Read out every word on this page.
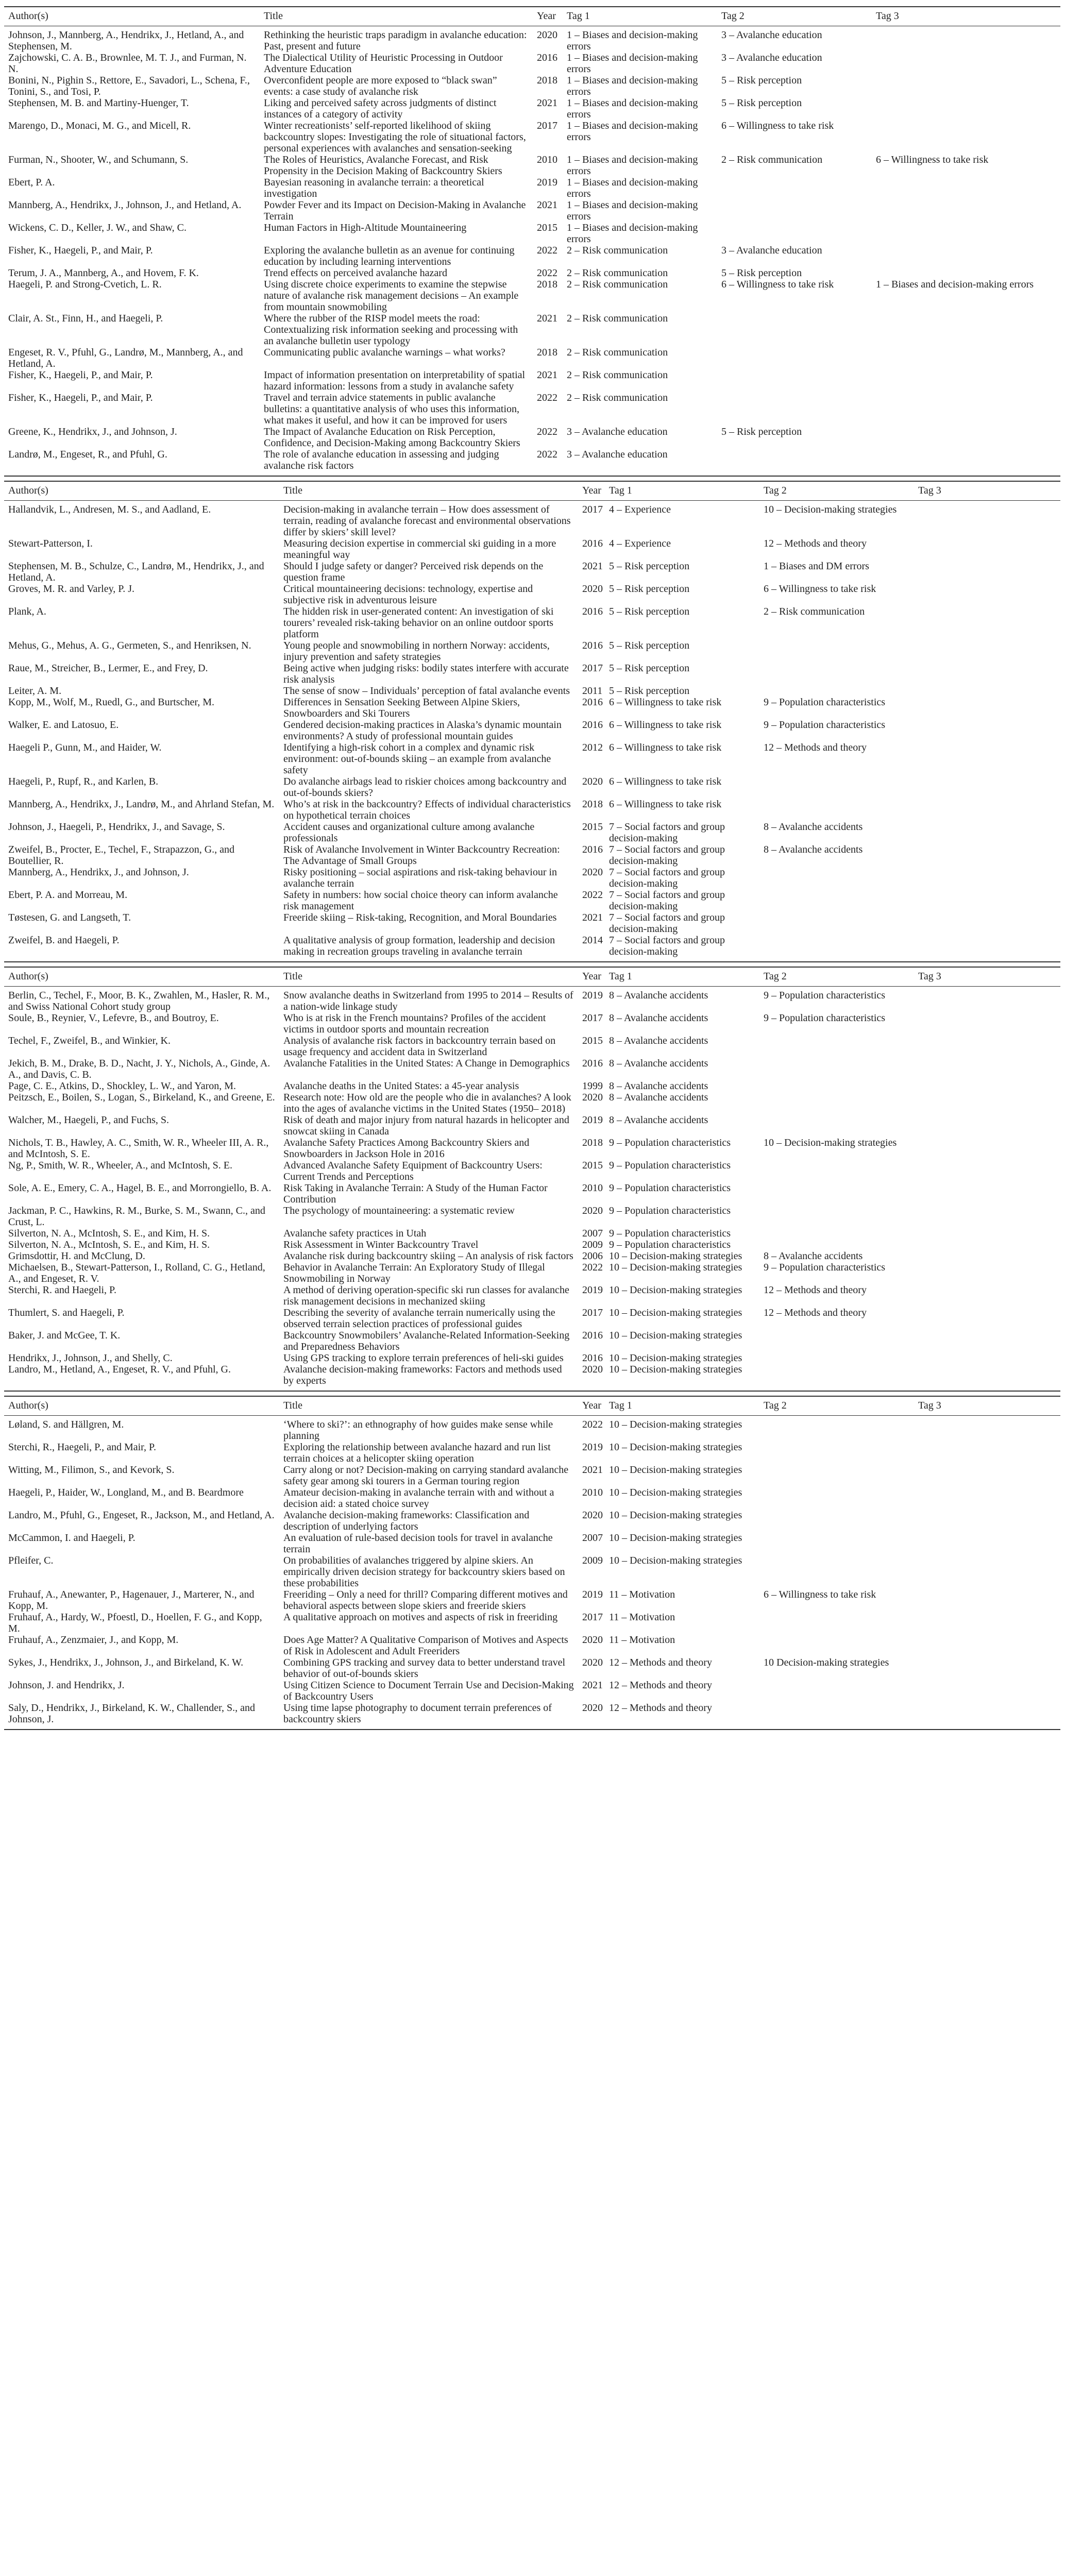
Author(s)	Title	Year	Tag 1	Tag 2	Tag 3
Johnson, J., Mannberg, A., Hendrikx, J., Hetland, A., and Stephensen, M.	Rethinking the heuristic traps paradigm in avalanche education: Past, present and future	2020	1 – Biases and decision-making errors	3 – Avalanche education	
Zajchowski, C. A. B., Brownlee, M. T. J., and Furman, N. N.	The Dialectical Utility of Heuristic Processing in Outdoor Adventure Education	2016	1 – Biases and decision-making errors	3 – Avalanche education	
Bonini, N., Pighin S., Rettore, E., Savadori, L., Schena, F., Tonini, S., and Tosi, P.	Overconfident people are more exposed to “black swan” events: a case study of avalanche risk	2018	1 – Biases and decision-making errors	5 – Risk perception	
Stephensen, M. B. and Martiny-Huenger, T.	Liking and perceived safety across judgments of distinct instances of a category of activity	2021	1 – Biases and decision-making errors	5 – Risk perception	
Marengo, D., Monaci, M. G., and Micell, R.	Winter recreationists’ self-reported likelihood of skiing backcountry slopes: Investigating the role of situational factors, personal experiences with avalanches and sensation-seeking	2017	1 – Biases and decision-making errors	6 – Willingness to take risk	
Furman, N., Shooter, W., and Schumann, S.	The Roles of Heuristics, Avalanche Forecast, and Risk Propensity in the Decision Making of Backcountry Skiers	2010	1 – Biases and decision-making errors	2 – Risk communication	6 – Willingness to take risk
Ebert, P. A.	Bayesian reasoning in avalanche terrain: a theoretical investigation	2019	1 – Biases and decision-making errors		
Mannberg, A., Hendrikx, J., Johnson, J., and Hetland, A.	Powder Fever and its Impact on Decision-Making in Avalanche Terrain	2021	1 – Biases and decision-making errors		
Wickens, C. D., Keller, J. W., and Shaw, C.	Human Factors in High-Altitude Mountaineering	2015	1 – Biases and decision-making errors		
Fisher, K., Haegeli, P., and Mair, P.	Exploring the avalanche bulletin as an avenue for continuing education by including learning interventions	2022	2 – Risk communication	3 – Avalanche education	
Terum, J. A., Mannberg, A., and Hovem, F. K.	Trend effects on perceived avalanche hazard	2022	2 – Risk communication	5 – Risk perception	
Haegeli, P. and Strong-Cvetich, L. R.	Using discrete choice experiments to examine the stepwise nature of avalanche risk management decisions – An example from mountain snowmobiling	2018	2 – Risk communication	6 – Willingness to take risk	1 – Biases and decision-making errors
Clair, A. St., Finn, H., and Haegeli, P.	Where the rubber of the RISP model meets the road: Contextualizing risk information seeking and processing with an avalanche bulletin user typology	2021	2 – Risk communication		
Engeset, R. V., Pfuhl, G., Landrø, M., Mannberg, A., and Hetland, A.	Communicating public avalanche warnings – what works?	2018	2 – Risk communication		
Fisher, K., Haegeli, P., and Mair, P.	Impact of information presentation on interpretability of spatial hazard information: lessons from a study in avalanche safety	2021	2 – Risk communication		
Fisher, K., Haegeli, P., and Mair, P.	Travel and terrain advice statements in public avalanche bulletins: a quantitative analysis of who uses this information, what makes it useful, and how it can be improved for users	2022	2 – Risk communication		
Greene, K., Hendrikx, J., and Johnson, J.	The Impact of Avalanche Education on Risk Perception, Confidence, and Decision-Making among Backcountry Skiers	2022	3 – Avalanche education	5 – Risk perception	
Landrø, M., Engeset, R., and Pfuhl, G.	The role of avalanche education in assessing and judging avalanche risk factors	2022	3 – Avalanche education		
Author(s)	Title	Year	Tag 1	Tag 2	Tag 3
Hallandvik, L., Andresen, M. S., and Aadland, E.	Decision-making in avalanche terrain – How does assessment of terrain, reading of avalanche forecast and environmental observations differ by skiers’ skill level?	2017	4 – Experience	10 – Decision-making strategies	
Stewart-Patterson, I.	Measuring decision expertise in commercial ski guiding in a more meaningful way	2016	4 – Experience	12 – Methods and theory	
Stephensen, M. B., Schulze, C., Landrø, M., Hendrikx, J., and Hetland, A.	Should I judge safety or danger? Perceived risk depends on the question frame	2021	5 – Risk perception	1 – Biases and DM errors	
Groves, M. R. and Varley, P. J.	Critical mountaineering decisions: technology, expertise and subjective risk in adventurous leisure	2020	5 – Risk perception	6 – Willingness to take risk	
Plank, A.	The hidden risk in user-generated content: An investigation of ski tourers’ revealed risk-taking behavior on an online outdoor sports platform	2016	5 – Risk perception	2 – Risk communication	
Mehus, G., Mehus, A. G., Germeten, S., and Henriksen, N.	Young people and snowmobiling in northern Norway: accidents, injury prevention and safety strategies	2016	5 – Risk perception		
Raue, M., Streicher, B., Lermer, E., and Frey, D.	Being active when judging risks: bodily states interfere with accurate risk analysis	2017	5 – Risk perception		
Leiter, A. M.	The sense of snow – Individuals’ perception of fatal avalanche events	2011	5 – Risk perception		
Kopp, M., Wolf, M., Ruedl, G., and Burtscher, M.	Differences in Sensation Seeking Between Alpine Skiers, Snowboarders and Ski Tourers	2016	6 – Willingness to take risk	9 – Population characteristics	
Walker, E. and Latosuo, E.	Gendered decision-making practices in Alaska’s dynamic mountain environments? A study of professional mountain guides	2016	6 – Willingness to take risk	9 – Population characteristics	
Haegeli P., Gunn, M., and Haider, W.	Identifying a high-risk cohort in a complex and dynamic risk environment: out-of-bounds skiing – an example from avalanche safety	2012	6 – Willingness to take risk	12 – Methods and theory	
Haegeli, P., Rupf, R., and Karlen, B.	Do avalanche airbags lead to riskier choices among backcountry and out-of-bounds skiers?	2020	6 – Willingness to take risk		
Mannberg, A., Hendrikx, J., Landrø, M., and Ahrland Stefan, M.	Who’s at risk in the backcountry? Effects of individual characteristics on hypothetical terrain choices	2018	6 – Willingness to take risk		
Johnson, J., Haegeli, P., Hendrikx, J., and Savage, S.	Accident causes and organizational culture among avalanche professionals	2015	7 – Social factors and group decision-making	8 – Avalanche accidents	
Zweifel, B., Procter, E., Techel, F., Strapazzon, G., and Boutellier, R.	Risk of Avalanche Involvement in Winter Backcountry Recreation: The Advantage of Small Groups	2016	7 – Social factors and group decision-making	8 – Avalanche accidents	
Mannberg, A., Hendrikx, J., and Johnson, J.	Risky positioning – social aspirations and risk-taking behaviour in avalanche terrain	2020	7 – Social factors and group decision-making		
Ebert, P. A. and Morreau, M.	Safety in numbers: how social choice theory can inform avalanche risk management	2022	7 – Social factors and group decision-making		
Tøstesen, G. and Langseth, T.	Freeride skiing – Risk-taking, Recognition, and Moral Boundaries	2021	7 – Social factors and group decision-making		
Zweifel, B. and Haegeli, P.	A qualitative analysis of group formation, leadership and decision making in recreation groups traveling in avalanche terrain	2014	7 – Social factors and group decision-making		
Author(s)	Title	Year	Tag 1	Tag 2	Tag 3
Berlin, C., Techel, F., Moor, B. K., Zwahlen, M., Hasler, R. M., and Swiss National Cohort study group	Snow avalanche deaths in Switzerland from 1995 to 2014 – Results of a nation-wide linkage study	2019	8 – Avalanche accidents	9 – Population characteristics	
Soule, B., Reynier, V., Lefevre, B., and Boutroy, E.	Who is at risk in the French mountains? Profiles of the accident victims in outdoor sports and mountain recreation	2017	8 – Avalanche accidents	9 – Population characteristics	
Techel, F., Zweifel, B., and Winkier, K.	Analysis of avalanche risk factors in backcountry terrain based on usage frequency and accident data in Switzerland	2015	8 – Avalanche accidents		
Jekich, B. M., Drake, B. D., Nacht, J. Y., Nichols, A., Ginde, A. A., and Davis, C. B.	Avalanche Fatalities in the United States: A Change in Demographics	2016	8 – Avalanche accidents		
Page, C. E., Atkins, D., Shockley, L. W., and Yaron, M.	Avalanche deaths in the United States: a 45-year analysis	1999	8 – Avalanche accidents		
Peitzsch, E., Boilen, S., Logan, S., Birkeland, K., and Greene, E.	Research note: How old are the people who die in avalanches? A look into the ages of avalanche victims in the United States (1950– 2018)	2020	8 – Avalanche accidents		
Walcher, M., Haegeli, P., and Fuchs, S.	Risk of death and major injury from natural hazards in helicopter and snowcat skiing in Canada	2019	8 – Avalanche accidents		
Nichols, T. B., Hawley, A. C., Smith, W. R., Wheeler III, A. R., and McIntosh, S. E.	Avalanche Safety Practices Among Backcountry Skiers and Snowboarders in Jackson Hole in 2016	2018	9 – Population characteristics	10 – Decision-making strategies	
Ng, P., Smith, W. R., Wheeler, A., and McIntosh, S. E.	Advanced Avalanche Safety Equipment of Backcountry Users: Current Trends and Perceptions	2015	9 – Population characteristics		
Sole, A. E., Emery, C. A., Hagel, B. E., and Morrongiello, B. A.	Risk Taking in Avalanche Terrain: A Study of the Human Factor Contribution	2010	9 – Population characteristics		
Jackman, P. C., Hawkins, R. M., Burke, S. M., Swann, C., and Crust, L.	The psychology of mountaineering: a systematic review	2020	9 – Population characteristics		
Silverton, N. A., McIntosh, S. E., and Kim, H. S.	Avalanche safety practices in Utah	2007	9 – Population characteristics		
Silverton, N. A., McIntosh, S. E., and Kim, H. S.	Risk Assessment in Winter Backcountry Travel	2009	9 – Population characteristics		
Grimsdottir, H. and McClung, D.	Avalanche risk during backcountry skiing – An analysis of risk factors	2006	10 – Decision-making strategies	8 – Avalanche accidents	
Michaelsen, B., Stewart-Patterson, I., Rolland, C. G., Hetland, A., and Engeset, R. V.	Behavior in Avalanche Terrain: An Exploratory Study of Illegal Snowmobiling in Norway	2022	10 – Decision-making strategies	9 – Population characteristics	
Sterchi, R. and Haegeli, P.	A method of deriving operation-specific ski run classes for avalanche risk management decisions in mechanized skiing	2019	10 – Decision-making strategies	12 – Methods and theory	
Thumlert, S. and Haegeli, P.	Describing the severity of avalanche terrain numerically using the observed terrain selection practices of professional guides	2017	10 – Decision-making strategies	12 – Methods and theory	
Baker, J. and McGee, T. K.	Backcountry Snowmobilers’ Avalanche-Related Information-Seeking and Preparedness Behaviors	2016	10 – Decision-making strategies		
Hendrikx, J., Johnson, J., and Shelly, C.	Using GPS tracking to explore terrain preferences of heli-ski guides	2016	10 – Decision-making strategies		
Landro, M., Hetland, A., Engeset, R. V., and Pfuhl, G.	Avalanche decision-making frameworks: Factors and methods used by experts	2020	10 – Decision-making strategies		
Author(s)	Title	Year	Tag 1	Tag 2	Tag 3
Løland, S. and Hällgren, M.	‘Where to ski?’: an ethnography of how guides make sense while planning	2022	10 – Decision-making strategies		
Sterchi, R., Haegeli, P., and Mair, P.	Exploring the relationship between avalanche hazard and run list terrain choices at a helicopter skiing operation	2019	10 – Decision-making strategies		
Witting, M., Filimon, S., and Kevork, S.	Carry along or not? Decision-making on carrying standard avalanche safety gear among ski tourers in a German touring region	2021	10 – Decision-making strategies		
Haegeli, P., Haider, W., Longland, M., and B. Beardmore	Amateur decision-making in avalanche terrain with and without a decision aid: a stated choice survey	2010	10 – Decision-making strategies		
Landro, M., Pfuhl, G., Engeset, R., Jackson, M., and Hetland, A.	Avalanche decision-making frameworks: Classification and description of underlying factors	2020	10 – Decision-making strategies		
McCammon, I. and Haegeli, P.	An evaluation of rule-based decision tools for travel in avalanche terrain	2007	10 – Decision-making strategies		
Pfleifer, C.	On probabilities of avalanches triggered by alpine skiers. An empirically driven decision strategy for backcountry skiers based on these probabilities	2009	10 – Decision-making strategies		
Fruhauf, A., Anewanter, P., Hagenauer, J., Marterer, N., and Kopp, M.	Freeriding – Only a need for thrill? Comparing different motives and behavioral aspects between slope skiers and freeride skiers	2019	11 – Motivation	6 – Willingness to take risk	
Fruhauf, A., Hardy, W., Pfoestl, D., Hoellen, F. G., and Kopp, M.	A qualitative approach on motives and aspects of risk in freeriding	2017	11 – Motivation		
Fruhauf, A., Zenzmaier, J., and Kopp, M.	Does Age Matter? A Qualitative Comparison of Motives and Aspects of Risk in Adolescent and Adult Freeriders	2020	11 – Motivation		
Sykes, J., Hendrikx, J., Johnson, J., and Birkeland, K. W.	Combining GPS tracking and survey data to better understand travel behavior of out-of-bounds skiers	2020	12 – Methods and theory	10 Decision-making strategies	
Johnson, J. and Hendrikx, J.	Using Citizen Science to Document Terrain Use and Decision-Making of Backcountry Users	2021	12 – Methods and theory		
Saly, D., Hendrikx, J., Birkeland, K. W., Challender, S., and Johnson, J.	Using time lapse photography to document terrain preferences of backcountry skiers	2020	12 – Methods and theory		
